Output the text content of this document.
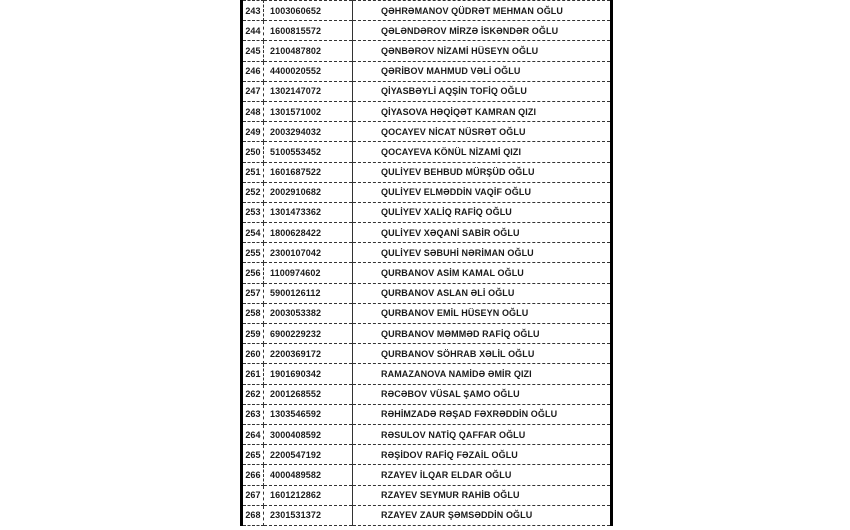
243	1003060652	QƏHRƏMANOV QÜDRƏT MEHMAN OĞLU
244	1600815572	QƏLƏNDƏROV MİRZƏ İSKƏNDƏR OĞLU
245	2100487802	QƏNBƏROV NİZAMİ HÜSEYN OĞLU
246	4400020552	QƏRİBOV MAHMUD VƏLİ OĞLU
247	1302147072	QİYASBƏYLİ AQŞİN TOFİQ OĞLU
248	1301571002	QİYASOVA HƏQİQƏT KAMRAN QIZI
249	2003294032	QOCAYEV NİCAT NÜSRƏT OĞLU
250	5100553452	QOCAYEVA KÖNÜL NİZAMİ QIZI
251	1601687522	QULİYEV BEHBUD MÜRŞÜD OĞLU
252	2002910682	QULİYEV ELMƏDDİN VAQİF OĞLU
253	1301473362	QULİYEV XALİQ RAFİQ OĞLU
254	1800628422	QULİYEV XƏQANİ SABİR OĞLU
255	2300107042	QULİYEV SƏBUHİ NƏRİMAN OĞLU
256	1100974602	QURBANOV ASİM KAMAL OĞLU
257	5900126112	QURBANOV ASLAN ƏLİ OĞLU
258	2003053382	QURBANOV EMİL HÜSEYN OĞLU
259	6900229232	QURBANOV MƏMMƏD RAFİQ OĞLU
260	2200369172	QURBANOV SÖHRAB XƏLİL OĞLU
261	1901690342	RAMAZANOVA NAMİDƏ ƏMİR QIZI
262	2001268552	RƏCƏBOV VÜSAL ŞAMO OĞLU
263	1303546592	RƏHİMZADƏ RƏŞAD FƏXRƏDDİN OĞLU
264	3000408592	RƏSULOV NATİQ QAFFAR OĞLU
265	2200547192	RƏŞİDOV RAFİQ FƏZAİL OĞLU
266	4000489582	RZAYEV İLQAR ELDAR OĞLU
267	1601212862	RZAYEV SEYMUR RAHİB OĞLU
268	2301531372	RZAYEV ZAUR ŞƏMSƏDDİN OĞLU
